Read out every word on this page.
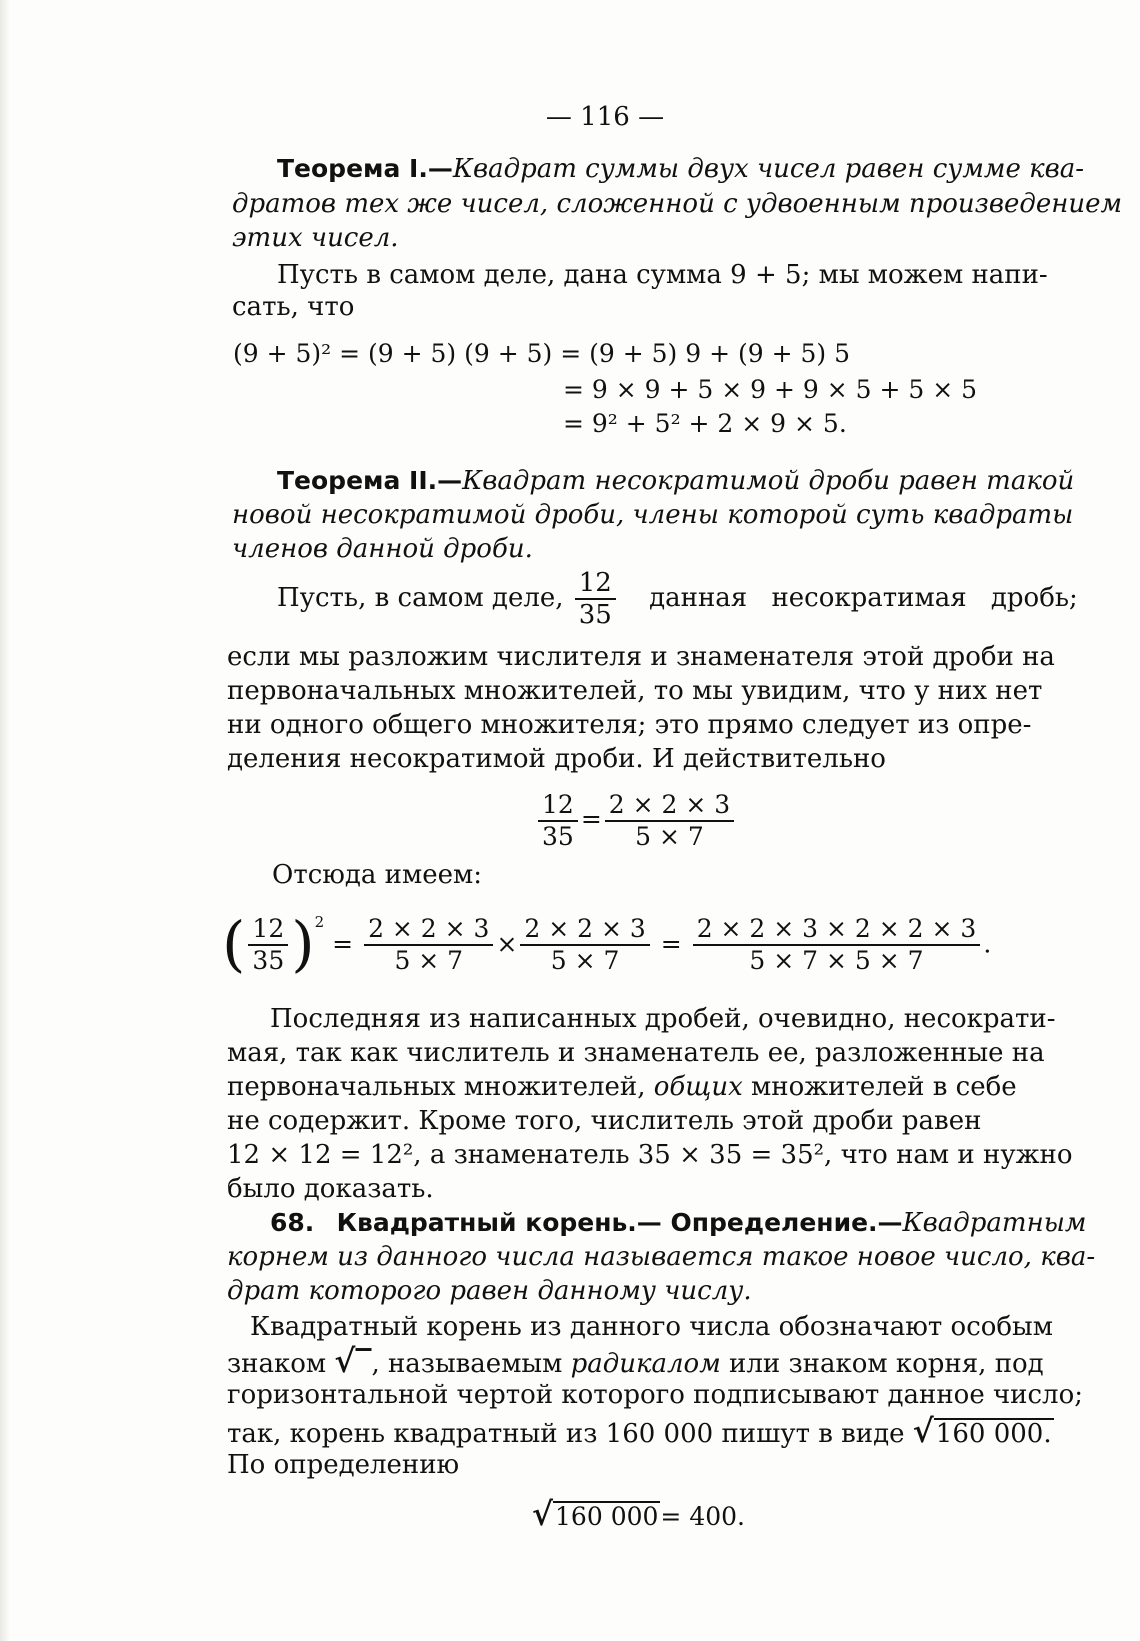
— 116 —
Теорема I.—Квадрат суммы двух чисел равен сумме ква-
дратов тех же чисел, сложенной с удвоенным произведением
этих чисел.
Пусть в самом деле, дана сумма 9 + 5; мы можем напи-
сать, что
(9 + 5)² = (9 + 5) (9 + 5) = (9 + 5) 9 + (9 + 5) 5
= 9 × 9 + 5 × 9 + 9 × 5 + 5 × 5
= 9² + 5² + 2 × 9 × 5.
Теорема II.—Квадрат несократимой дроби равен такой
новой несократимой дроби, члены которой суть квадраты
членов данной дроби.
Пусть, в самом деле, $\frac{12}{35}$ данная несократимая дробь;
если мы разложим числителя и знаменателя этой дроби на
первоначальных множителей, то мы увидим, что у них нет
ни одного общего множителя; это прямо следует из опре-
деления несократимой дроби. И действительно
$\frac{12}{35} = \frac{2 \times 2 \times 3}{5 \times 7}$
Отсюда имеем:
( $\frac{12}{35} )^2 = \frac{2 \times 2 \times 3}{5 \times 7} \times \frac{2 \times 2 \times 3}{5 \times 7} = \frac{2 \times 2 \times 3 \times 2 \times 2 \times 3}{5 \times 7 \times 5 \times 7}$ .
Последняя из написанных дробей, очевидно, несократи-
мая, так как числитель и знаменатель ее, разложенные на
первоначальных множителей, общих множителей в себе
не содержит. Кроме того, числитель этой дроби равен
12 × 12 = 12², а знаменатель 35 × 35 = 35², что нам и нужно
было доказать.
68. Квадратный корень.— Определение.—Квадратным
корнем из данного числа называется такое новое число, ква-
драт которого равен данному числу.
Квадратный корень из данного числа обозначают особым
знаком √‾, называемым радикалом или знаком корня, под
горизонтальной чертой которого подписывают данное число;
так, корень квадратный из 160 000 пишут в виде √160 000.
По определению
√160 000= 400.
